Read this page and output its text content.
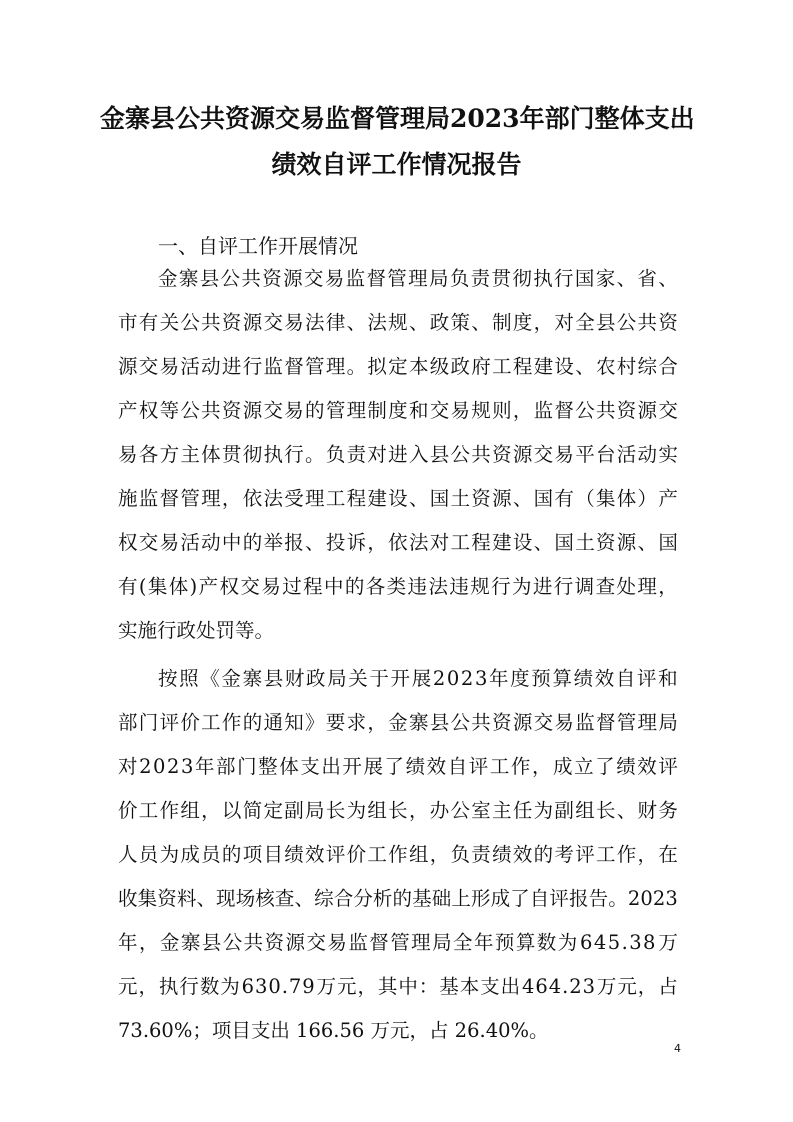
金寨县公共资源交易监督管理局2023年部门整体支出
绩效自评工作情况报告
一、自评工作开展情况
金 寨 县 公 共 资 源 交 易 监 督 管 理 局 负 责 贯 彻 执 行 国 家 、 省 、
市 有 关 公 共 资 源 交 易 法 律 、 法 规 、 政 策 、 制 度 ， 对 全 县 公 共 资
源 交 易 活 动 进 行 监 督 管 理 。 拟 定 本 级 政 府 工 程 建 设 、 农 村 综 合
产 权 等 公 共 资 源 交 易 的 管 理 制 度 和 交 易 规 则 ， 监 督 公 共 资 源 交
易 各 方 主 体 贯 彻 执 行 。 负 责 对 进 入 县 公 共 资 源 交 易 平 台 活 动 实
施 监 督 管 理 ， 依 法 受 理 工 程 建 设 、 国 土 资 源 、 国 有 （ 集 体 ） 产
权 交 易 活 动 中 的 举 报 、 投 诉 ， 依 法 对 工 程 建 设 、 国 土 资 源 、 国
有 ( 集 体 ) 产 权 交 易 过 程 中 的 各 类 违 法 违 规 行 为 进 行 调 查 处 理 ，
实施行政处罚等。
按 照 《 金 寨 县 财 政 局 关 于 开 展 2 0 2 3 年 度 预 算 绩 效 自 评 和
部 门 评 价 工 作 的 通 知 》 要 求 ， 金 寨 县 公 共 资 源 交 易 监 督 管 理 局
对 2 0 2 3 年 部 门 整 体 支 出 开 展 了 绩 效 自 评 工 作 ， 成 立 了 绩 效 评
价 工 作 组 ， 以 简 定 副 局 长 为 组 长 ， 办 公 室 主 任 为 副 组 长 、 财 务
人 员 为 成 员 的 项 目 绩 效 评 价 工 作 组 ， 负 责 绩 效 的 考 评 工 作 ， 在
收 集 资 料 、 现 场 核 查 、 综 合 分 析 的 基 础 上 形 成 了 自 评 报 告 。 2 0 2 3
年 ， 金 寨 县 公 共 资 源 交 易 监 督 管 理 局 全 年 预 算 数 为 6 4 5 . 3 8 万
元 ， 执 行 数 为 6 3 0 . 7 9 万 元 ， 其 中 ： 基 本 支 出 4 6 4 . 2 3 万 元 ， 占
73.60%；项目支出 166.56 万元，占 26.40%。
4
